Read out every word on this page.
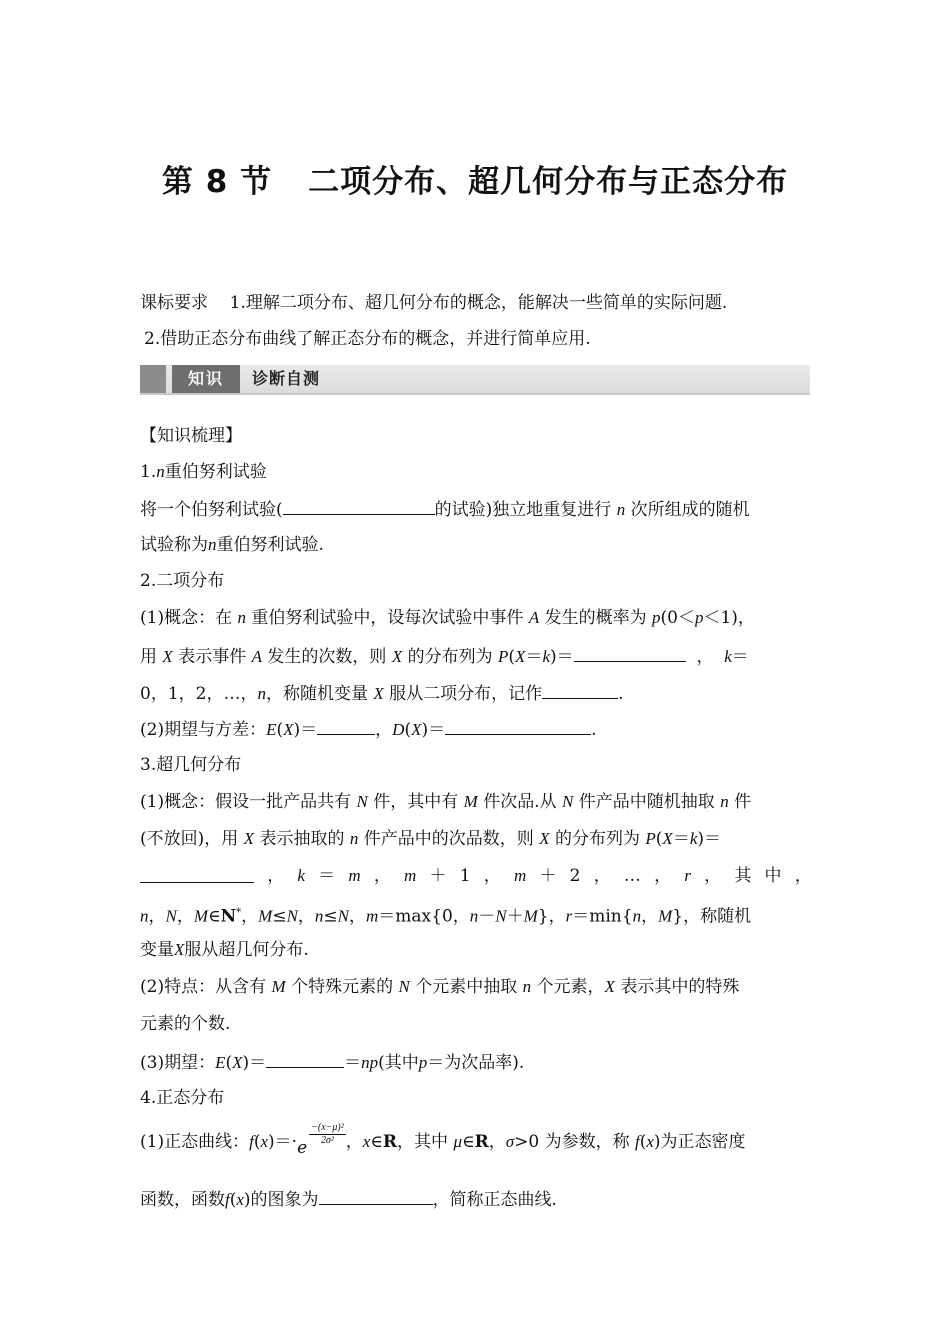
第 8 节 二项分布、超几何分布与正态分布
课标要求 1.理解二项分布、超几何分布的概念，能解决一些简单的实际问题.
2.借助正态分布曲线了解正态分布的概念，并进行简单应用.
知识	诊断自测
【知识梳理】
1.n重伯努利试验
将一个伯努利试验(	的试验)独立地重复进行 n 次所组成的随机
试验称为n重伯努利试验.
2.二项分布
(1)概念：在 n 重伯努利试验中，设每次试验中事件 A 发生的概率为 p(0＜p＜1)，
用 X 表示事件 A 发生的次数，则 X 的分布列为 P(X＝k)＝	， k＝
0，1，2，…，n，称随机变量 X 服从二项分布，记作	.
(2)期望与方差：E(X)＝	，D(X)＝	.
3.超几何分布
(1)概念：假设一批产品共有 N 件，其中有 M 件次品.从 N 件产品中随机抽取 n 件
(不放回)，用 X 表示抽取的 n 件产品中的次品数，则 X 的分布列为 P(X＝k)＝
， k ＝ m ， m ＋ 1 ， m ＋ 2 ， … ， r ， 其 中 ，
n，N，M∈N*，M≤N，n≤N，m＝max{0，n－N＋M}，r＝min{n，M}，称随机
变量X服从超几何分布.
(2)特点：从含有 M 个特殊元素的 N 个元素中抽取 n 个元素，X 表示其中的特殊
元素的个数.
(3)期望：E(X)＝	＝np(其中p＝为次品率).
4.正态分布
(1)正态曲线：f(x)＝·e
$\frac{\text{−(x−μ)²}}{\text{2σ²}}$ ，x∈R，其中 μ∈R，σ>0 为参数，称 f(x)为正态密度
函数，函数f(x)的图象为	，简称正态曲线.
